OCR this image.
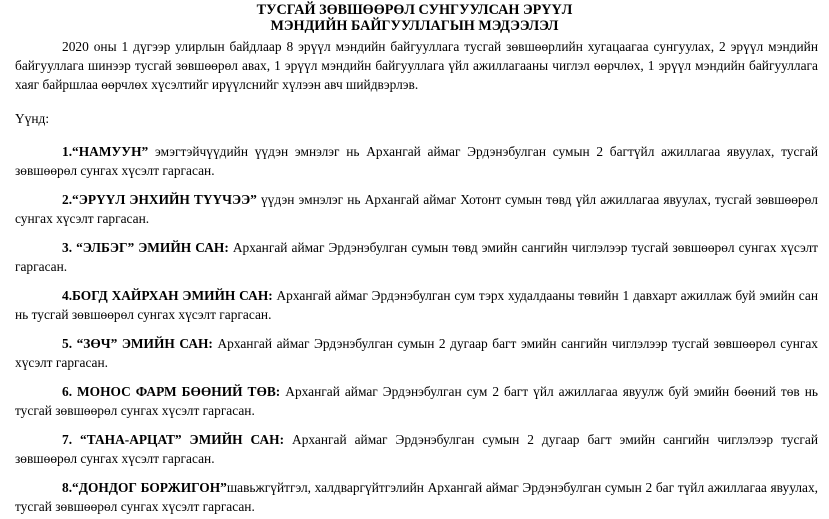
ТУСГАЙ ЗӨВШӨӨРӨЛ СУНГУУЛСАН ЭРҮҮЛ
МЭНДИЙН БАЙГУУЛЛАГЫН МЭДЭЭЛЭЛ

2020 оны 1 дүгээр улирлын байдлаар 8 эрүүл мэндийн байгууллага тусгай зөвшөөрлийн хугацаагаа сунгуулах, 2 эрүүл мэндийн байгууллага шинээр тусгай зөвшөөрөл авах, 1 эрүүл мэндийн байгууллага үйл ажиллагааны чиглэл өөрчлөх, 1 эрүүл мэндийн байгууллага хаяг байршлаа өөрчлөх хүсэлтийг ирүүлснийг хүлээн авч шийдвэрлэв.

Үүнд:

1.“НАМУУН” эмэгтэйчүүдийн үүдэн эмнэлэг нь Архангай аймаг Эрдэнэбулган сумын 2 багтүйл ажиллагаа явуулах, тусгай зөвшөөрөл сунгах хүсэлт гаргасан.

2.“ЭРҮҮЛ ЭНХИЙН ТҮҮЧЭЭ” үүдэн эмнэлэг нь Архангай аймаг Хотонт сумын төвд үйл ажиллагаа явуулах, тусгай зөвшөөрөл сунгах хүсэлт гаргасан.

3. “ЭЛБЭГ” ЭМИЙН САН: Архангай аймаг Эрдэнэбулган сумын төвд эмийн сангийн чиглэлээр тусгай зөвшөөрөл сунгах хүсэлт гаргасан.

4.БОГД ХАЙРХАН ЭМИЙН САН: Архангай аймаг Эрдэнэбулган сум тэрх худалдааны төвийн 1 давхарт ажиллаж буй эмийн сан нь тусгай зөвшөөрөл сунгах хүсэлт гаргасан.

5. “ЗӨЧ” ЭМИЙН САН: Архангай аймаг Эрдэнэбулган сумын 2 дугаар багт эмийн сангийн чиглэлээр тусгай зөвшөөрөл сунгах хүсэлт гаргасан.

6. МОНОС ФАРМ БӨӨНИЙ ТӨВ: Архангай аймаг Эрдэнэбулган сум 2 багт үйл ажиллагаа явуулж буй эмийн бөөний төв нь тусгай зөвшөөрөл сунгах хүсэлт гаргасан.

7. “ТАНА-АРЦАТ” ЭМИЙН САН: Архангай аймаг Эрдэнэбулган сумын 2 дугаар багт эмийн сангийн чиглэлээр тусгай зөвшөөрөл сунгах хүсэлт гаргасан.

8.“ДОНДОГ БОРЖИГОН”шавьжгүйтгэл, халдваргүйтгэлийн Архангай аймаг Эрдэнэбулган сумын 2 баг түйл ажиллагаа явуулах, тусгай зөвшөөрөл сунгах хүсэлт гаргасан.
